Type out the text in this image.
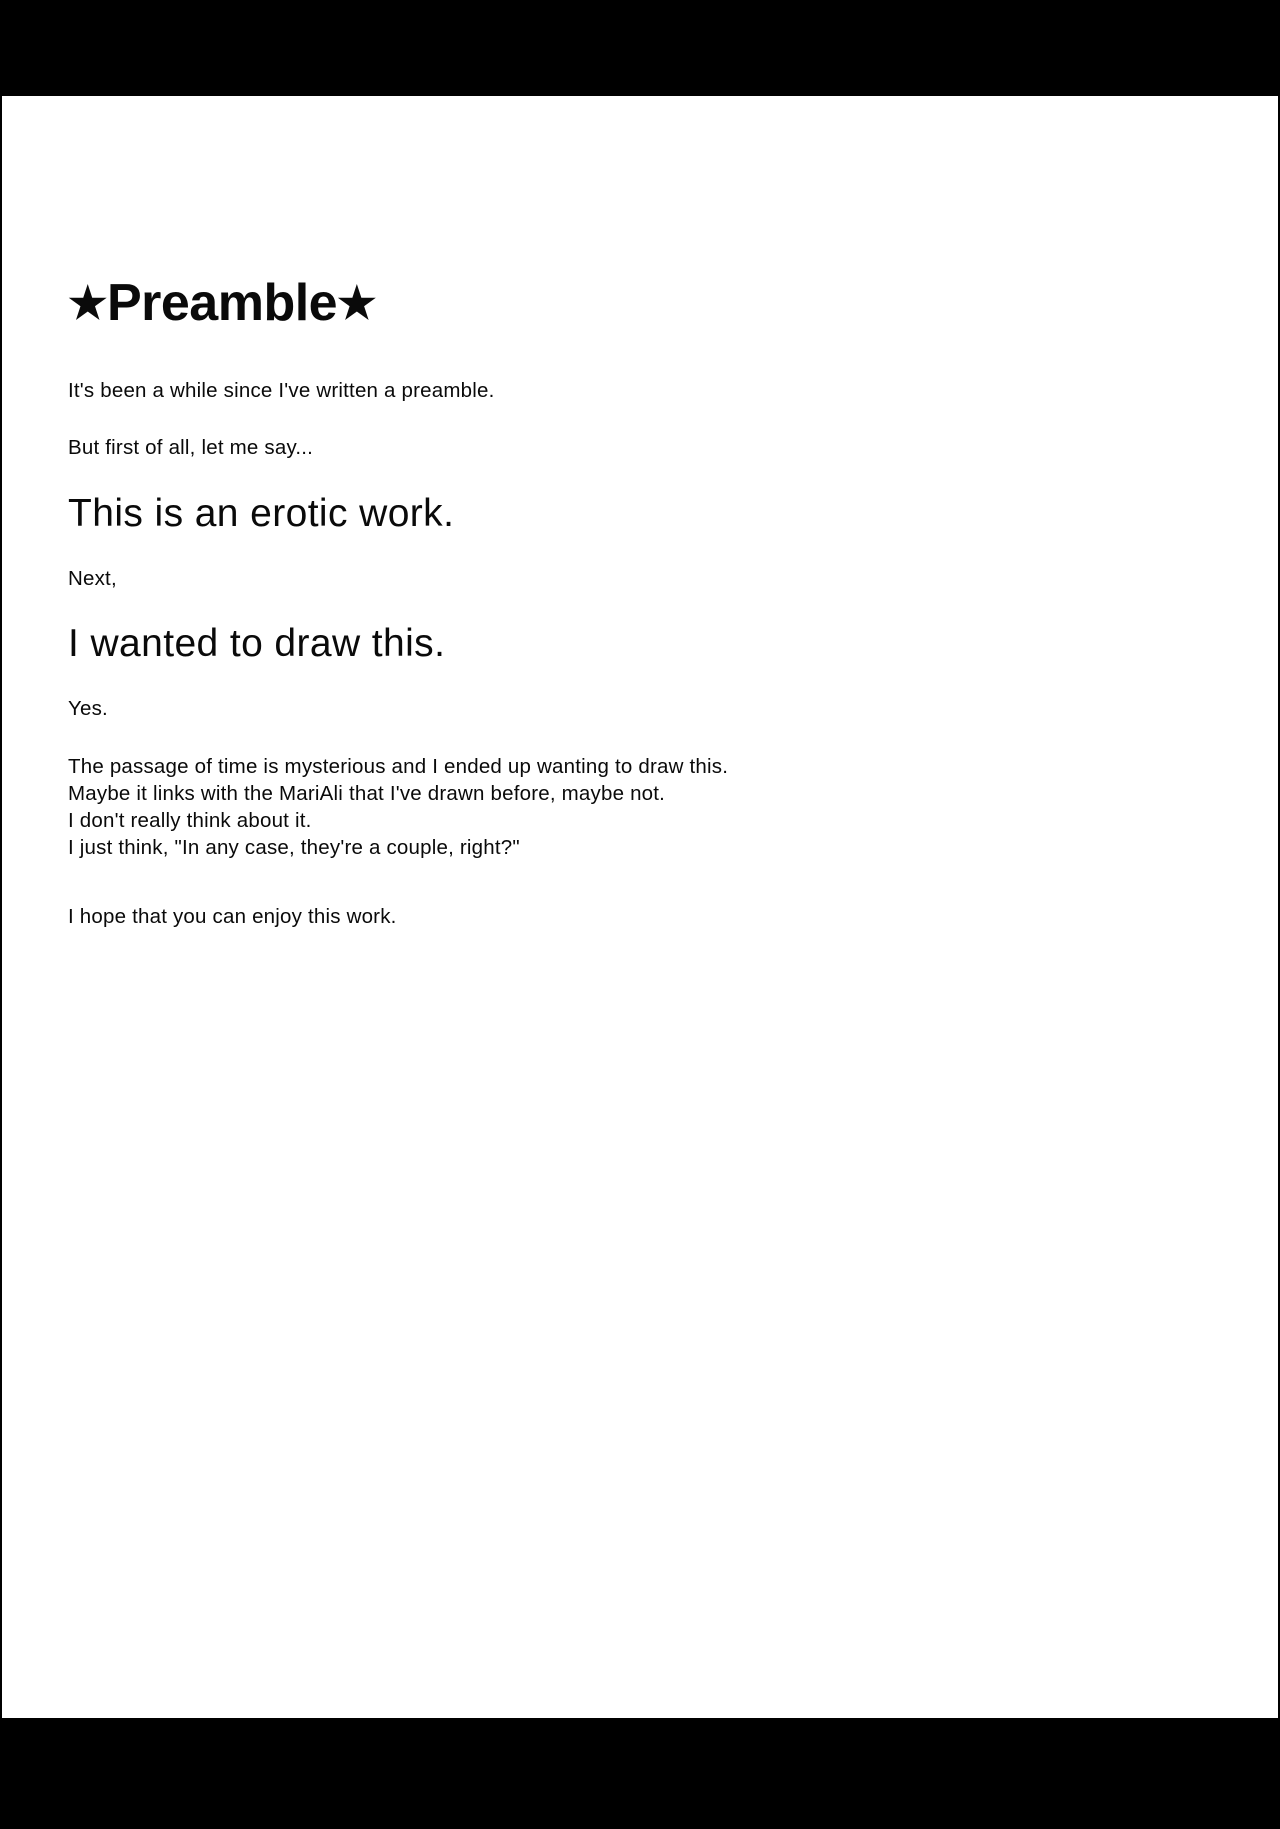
★Preamble★

It's been a while since I've written a preamble.

But first of all, let me say...

This is an erotic work.

Next,

I wanted to draw this.

Yes.

The passage of time is mysterious and I ended up wanting to draw this.
Maybe it links with the MariAli that I've drawn before, maybe not.
I don't really think about it.
I just think, "In any case, they're a couple, right?"

I hope that you can enjoy this work.
